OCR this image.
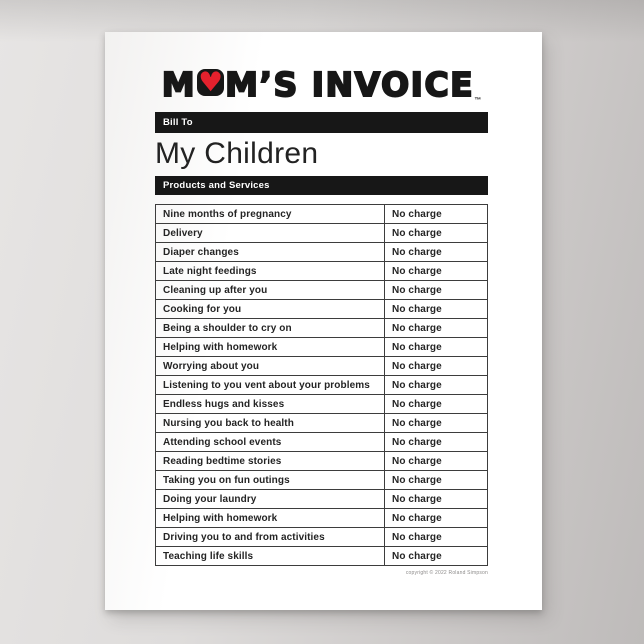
M ♥ M’S INVOICE™
Bill To
My Children
Products and Services
Nine months of pregnancy	No charge
Delivery	No charge
Diaper changes	No charge
Late night feedings	No charge
Cleaning up after you	No charge
Cooking for you	No charge
Being a shoulder to cry on	No charge
Helping with homework	No charge
Worrying about you	No charge
Listening to you vent about your problems	No charge
Endless hugs and kisses	No charge
Nursing you back to health	No charge
Attending school events	No charge
Reading bedtime stories	No charge
Taking you on fun outings	No charge
Doing your laundry	No charge
Helping with homework	No charge
Driving you to and from activities	No charge
Teaching life skills	No charge
copyright © 2022 Roland Simpson
